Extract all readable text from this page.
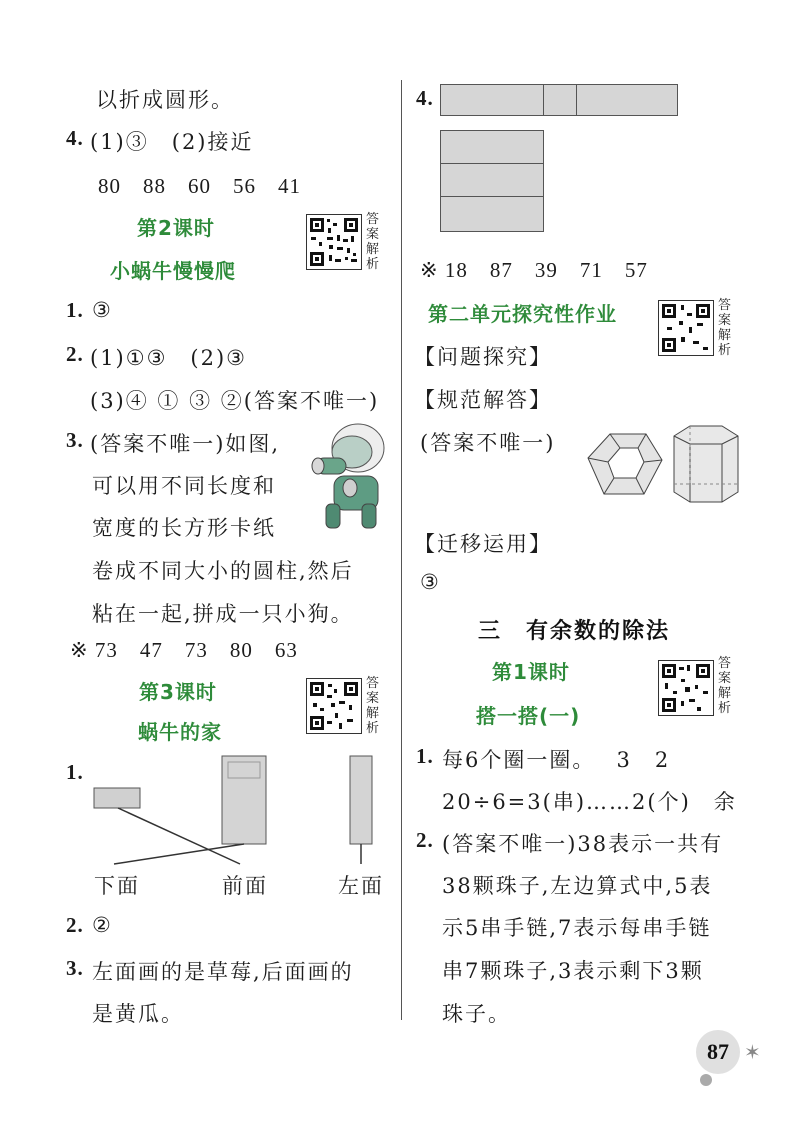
以折成圆形。
4. (1)③　(2)接近
80　88　60　56　41
第2课时
小蜗牛慢慢爬
答案解析
1. ③
2. (1)①③　(2)③
(3)④ ① ③ ②(答案不唯一)
3. (答案不唯一)如图,
可以用不同长度和
宽度的长方形卡纸
卷成不同大小的圆柱,然后
粘在一起,拼成一只小狗。
※ 73　47　73　80　63
第3课时
蜗牛的家
答案解析
1.
下面	前面	左面
2. ②
3. 左面画的是草莓,后面画的
是黄瓜。
4.
※ 18　87　39　71　57
第二单元探究性作业	答案解析
【问题探究】
【规范解答】
(答案不唯一)
【迁移运用】
③
三　有余数的除法
第1课时
搭一搭(一)
答案解析
1. 每6个圈一圈。　 3　2
20÷6=3(串)……2(个)　余
2. (答案不唯一)38表示一共有
38颗珠子,左边算式中,5表
示5串手链,7表示每串手链
串7颗珠子,3表示剩下3颗
珠子。
87 ✶
